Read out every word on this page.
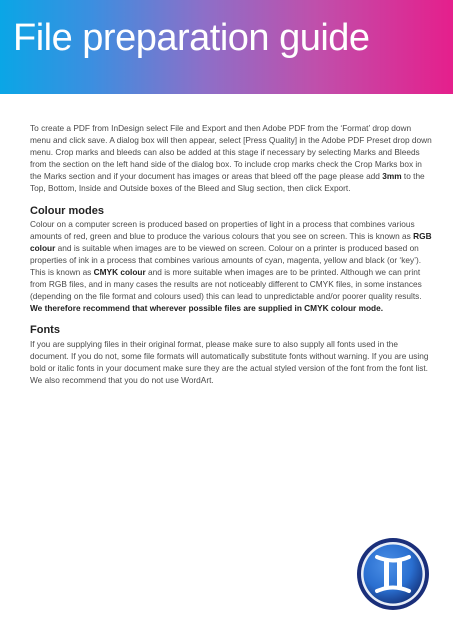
File preparation guide

To create a PDF from InDesign select File and Export and then Adobe PDF from the ‘Format’ drop down menu and click save. A dialog box will then appear, select [Press Quality] in the Adobe PDF Preset drop down menu. Crop marks and bleeds can also be added at this stage if necessary by selecting Marks and Bleeds from the section on the left hand side of the dialog box. To include crop marks check the Crop Marks box in the Marks section and if your document has images or areas that bleed off the page please add 3mm to the Top, Bottom, Inside and Outside boxes of the Bleed and Slug section, then click Export.

Colour modes

Colour on a computer screen is produced based on properties of light in a process that combines various amounts of red, green and blue to produce the various colours that you see on screen. This is known as RGB colour and is suitable when images are to be viewed on screen. Colour on a printer is produced based on properties of ink in a process that combines various amounts of cyan, magenta, yellow and black (or ‘key’). This is known as CMYK colour and is more suitable when images are to be printed. Although we can print from RGB files, and in many cases the results are not noticeably different to CMYK files, in some instances (depending on the file format and colours used) this can lead to unpredictable and/or poorer quality results. We therefore recommend that wherever possible files are supplied in CMYK colour mode.

Fonts

If you are supplying files in their original format, please make sure to also supply all fonts used in the document. If you do not, some file formats will automatically substitute fonts without warning. If you are using bold or italic fonts in your document make sure they are the actual styled version of the font from the font list. We also recommend that you do not use WordArt.
